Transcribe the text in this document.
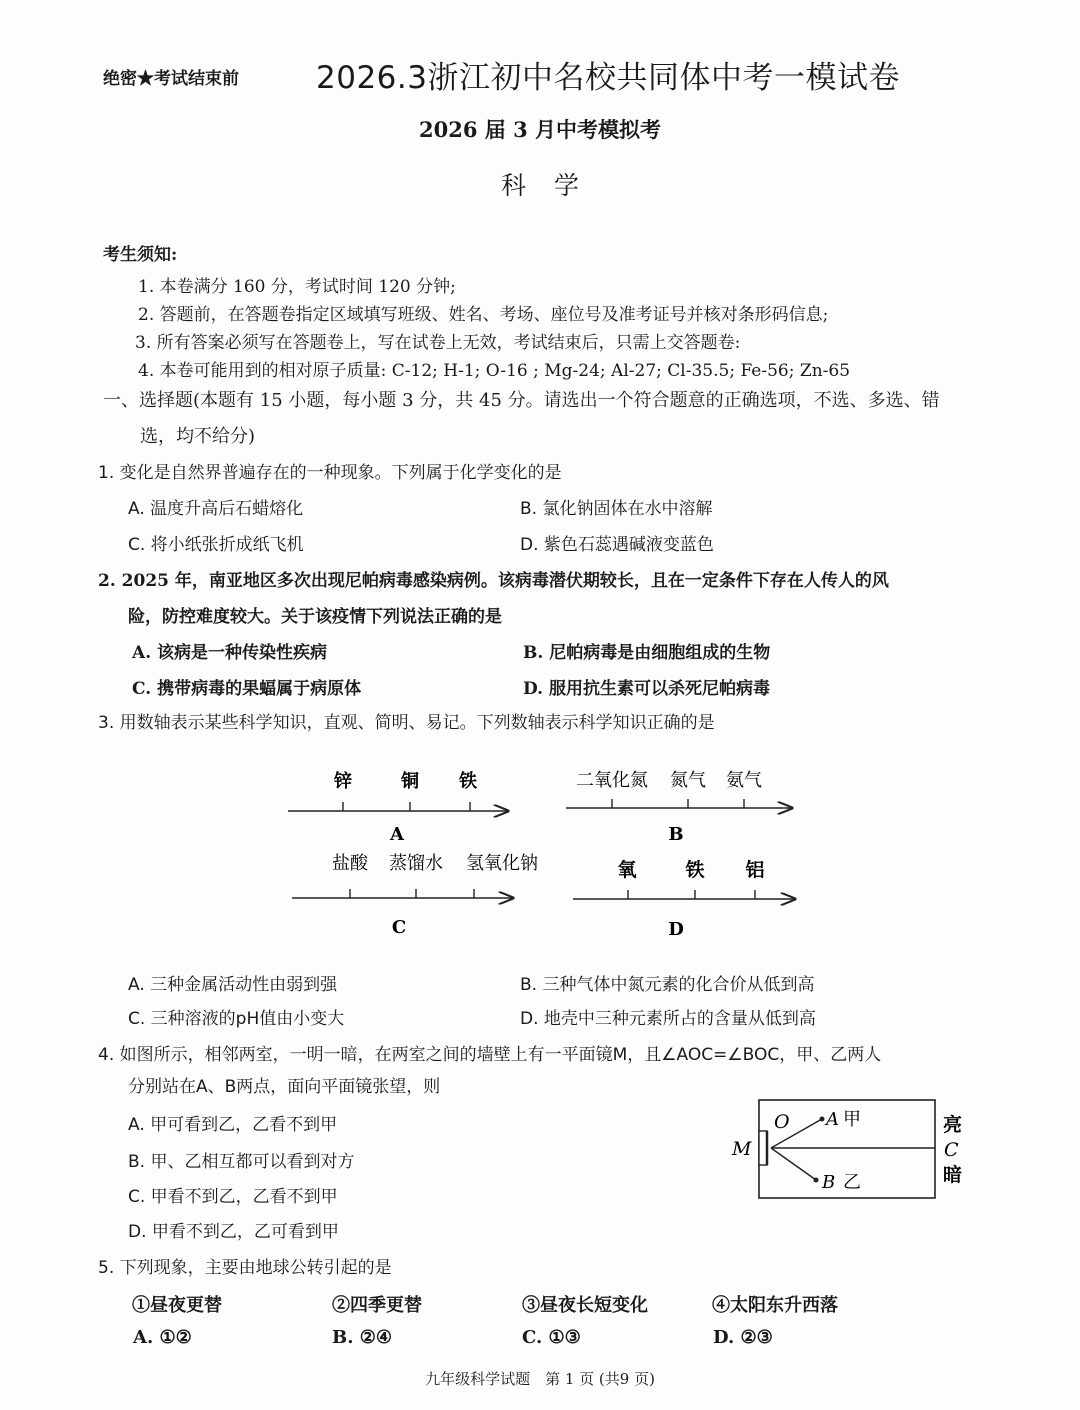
绝密★考试结束前 2026.3浙江初中名校共同体中考一模试卷
2026 届 3 月中考模拟考
科学
考生须知:
1. 本卷满分 160 分，考试时间 120 分钟;
2. 答题前，在答题卷指定区域填写班级、姓名、考场、座位号及准考证号并核对条形码信息;
3. 所有答案必须写在答题卷上，写在试卷上无效，考试结束后，只需上交答题卷:
4. 本卷可能用到的相对原子质量: C-12; H-1; O-16 ; Mg-24; Al-27; Cl-35.5; Fe-56; Zn-65
一、选择题(本题有 15 小题，每小题 3 分，共 45 分。请选出一个符合题意的正确选项，不选、多选、错
选，均不给分)
1. 变化是自然界普遍存在的一种现象。下列属于化学变化的是
A. 温度升高后石蜡熔化	B. 氯化钠固体在水中溶解
C. 将小纸张折成纸飞机	D. 紫色石蕊遇碱液变蓝色
2. 2025 年，南亚地区多次出现尼帕病毒感染病例。该病毒潜伏期较长，且在一定条件下存在人传人的风
险，防控难度较大。关于该疫情下列说法正确的是
A. 该病是一种传染性疾病	B. 尼帕病毒是由细胞组成的生物
C. 携带病毒的果蝠属于病原体	D. 服用抗生素可以杀死尼帕病毒
3. 用数轴表示某些科学知识，直观、简明、易记。下列数轴表示科学知识正确的是
锌	铜 铁
A
二氧化氮 氮气 氨气
B
盐酸 蒸馏水 氢氧化钠
C
氧	铁 铝
D
O A 甲
B 乙
M
亮
C
暗
A. 三种金属活动性由弱到强	B. 三种气体中氮元素的化合价从低到高
C. 三种溶液的pH值由小变大	D. 地壳中三种元素所占的含量从低到高
4. 如图所示，相邻两室，一明一暗，在两室之间的墙壁上有一平面镜M，且∠AOC=∠BOC，甲、乙两人
分别站在A、B两点，面向平面镜张望，则
A. 甲可看到乙，乙看不到甲
B. 甲、乙相互都可以看到对方
C. 甲看不到乙，乙看不到甲
D. 甲看不到乙，乙可看到甲
5. 下列现象，主要由地球公转引起的是
①昼夜更替	②四季更替	③昼夜长短变化	④太阳东升西落
A. ①②	B. ②④	C. ①③	D. ②③
九年级科学试题　第 1 页 (共9 页)
